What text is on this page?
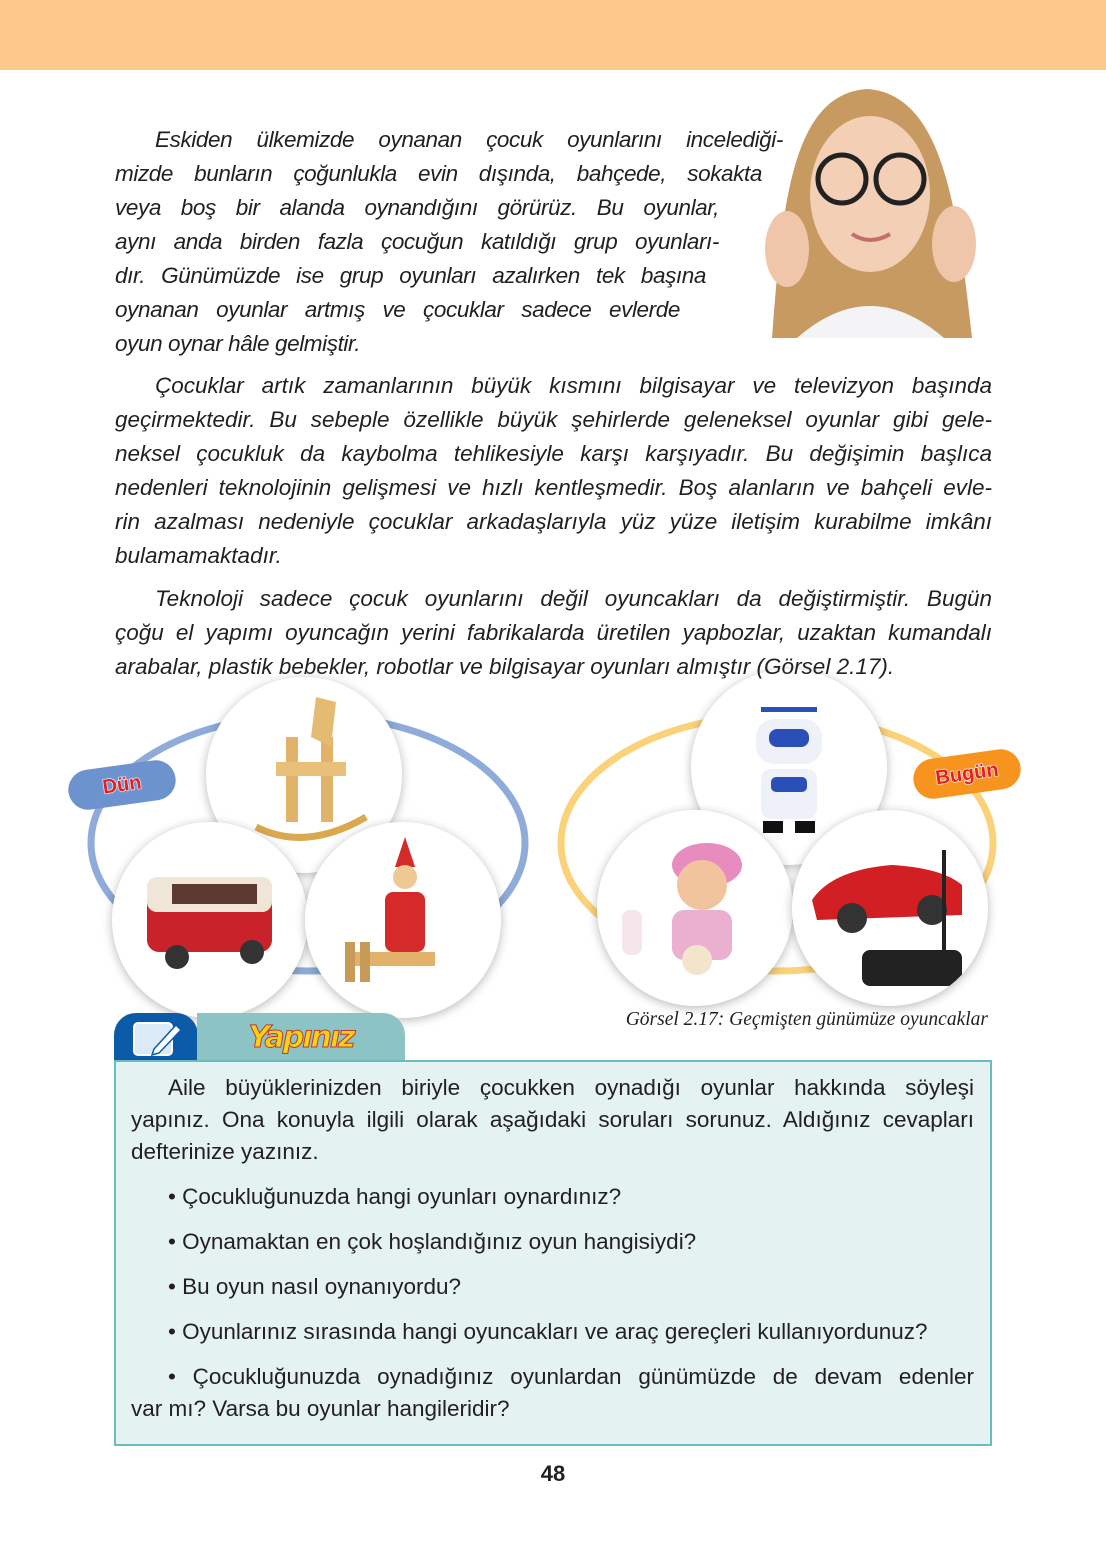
Eskiden ülkemizde oynanan çocuk oyunlarını incelediği-
mizde bunların çoğunlukla evin dışında, bahçede, sokakta
veya boş bir alanda oynandığını görürüz. Bu oyunlar,
aynı anda birden fazla çocuğun katıldığı grup oyunları-
dır. Günümüzde ise grup oyunları azalırken tek başına
oynanan oyunlar artmış ve çocuklar sadece evlerde
oyun oynar hâle gelmiştir.
Çocuklar artık zamanlarının büyük kısmını bilgisayar ve televizyon başında
geçirmektedir. Bu sebeple özellikle büyük şehirlerde geleneksel oyunlar gibi gele-
neksel çocukluk da kaybolma tehlikesiyle karşı karşıyadır. Bu değişimin başlıca
nedenleri teknolojinin gelişmesi ve hızlı kentleşmedir. Boş alanların ve bahçeli evle-
rin azalması nedeniyle çocuklar arkadaşlarıyla yüz yüze iletişim kurabilme imkânı
bulamamaktadır.
Teknoloji sadece çocuk oyunlarını değil oyuncakları da değiştirmiştir. Bugün
çoğu el yapımı oyuncağın yerini fabrikalarda üretilen yapbozlar, uzaktan kumandalı
arabalar, plastik bebekler, robotlar ve bilgisayar oyunları almıştır (Görsel 2.17).
Dün	Bugün
Görsel 2.17: Geçmişten günümüze oyuncaklar
Yapınız
Aile büyüklerinizden biriyle çocukken oynadığı oyunlar hakkında söyleşi
yapınız. Ona konuyla ilgili olarak aşağıdaki soruları sorunuz. Aldığınız cevapları
defterinize yazınız.
• Çocukluğunuzda hangi oyunları oynardınız?
• Oynamaktan en çok hoşlandığınız oyun hangisiydi?
• Bu oyun nasıl oynanıyordu?
• Oyunlarınız sırasında hangi oyuncakları ve araç gereçleri kullanıyordunuz?
• Çocukluğunuzda oynadığınız oyunlardan günümüzde de devam edenler
var mı? Varsa bu oyunlar hangileridir?
48
